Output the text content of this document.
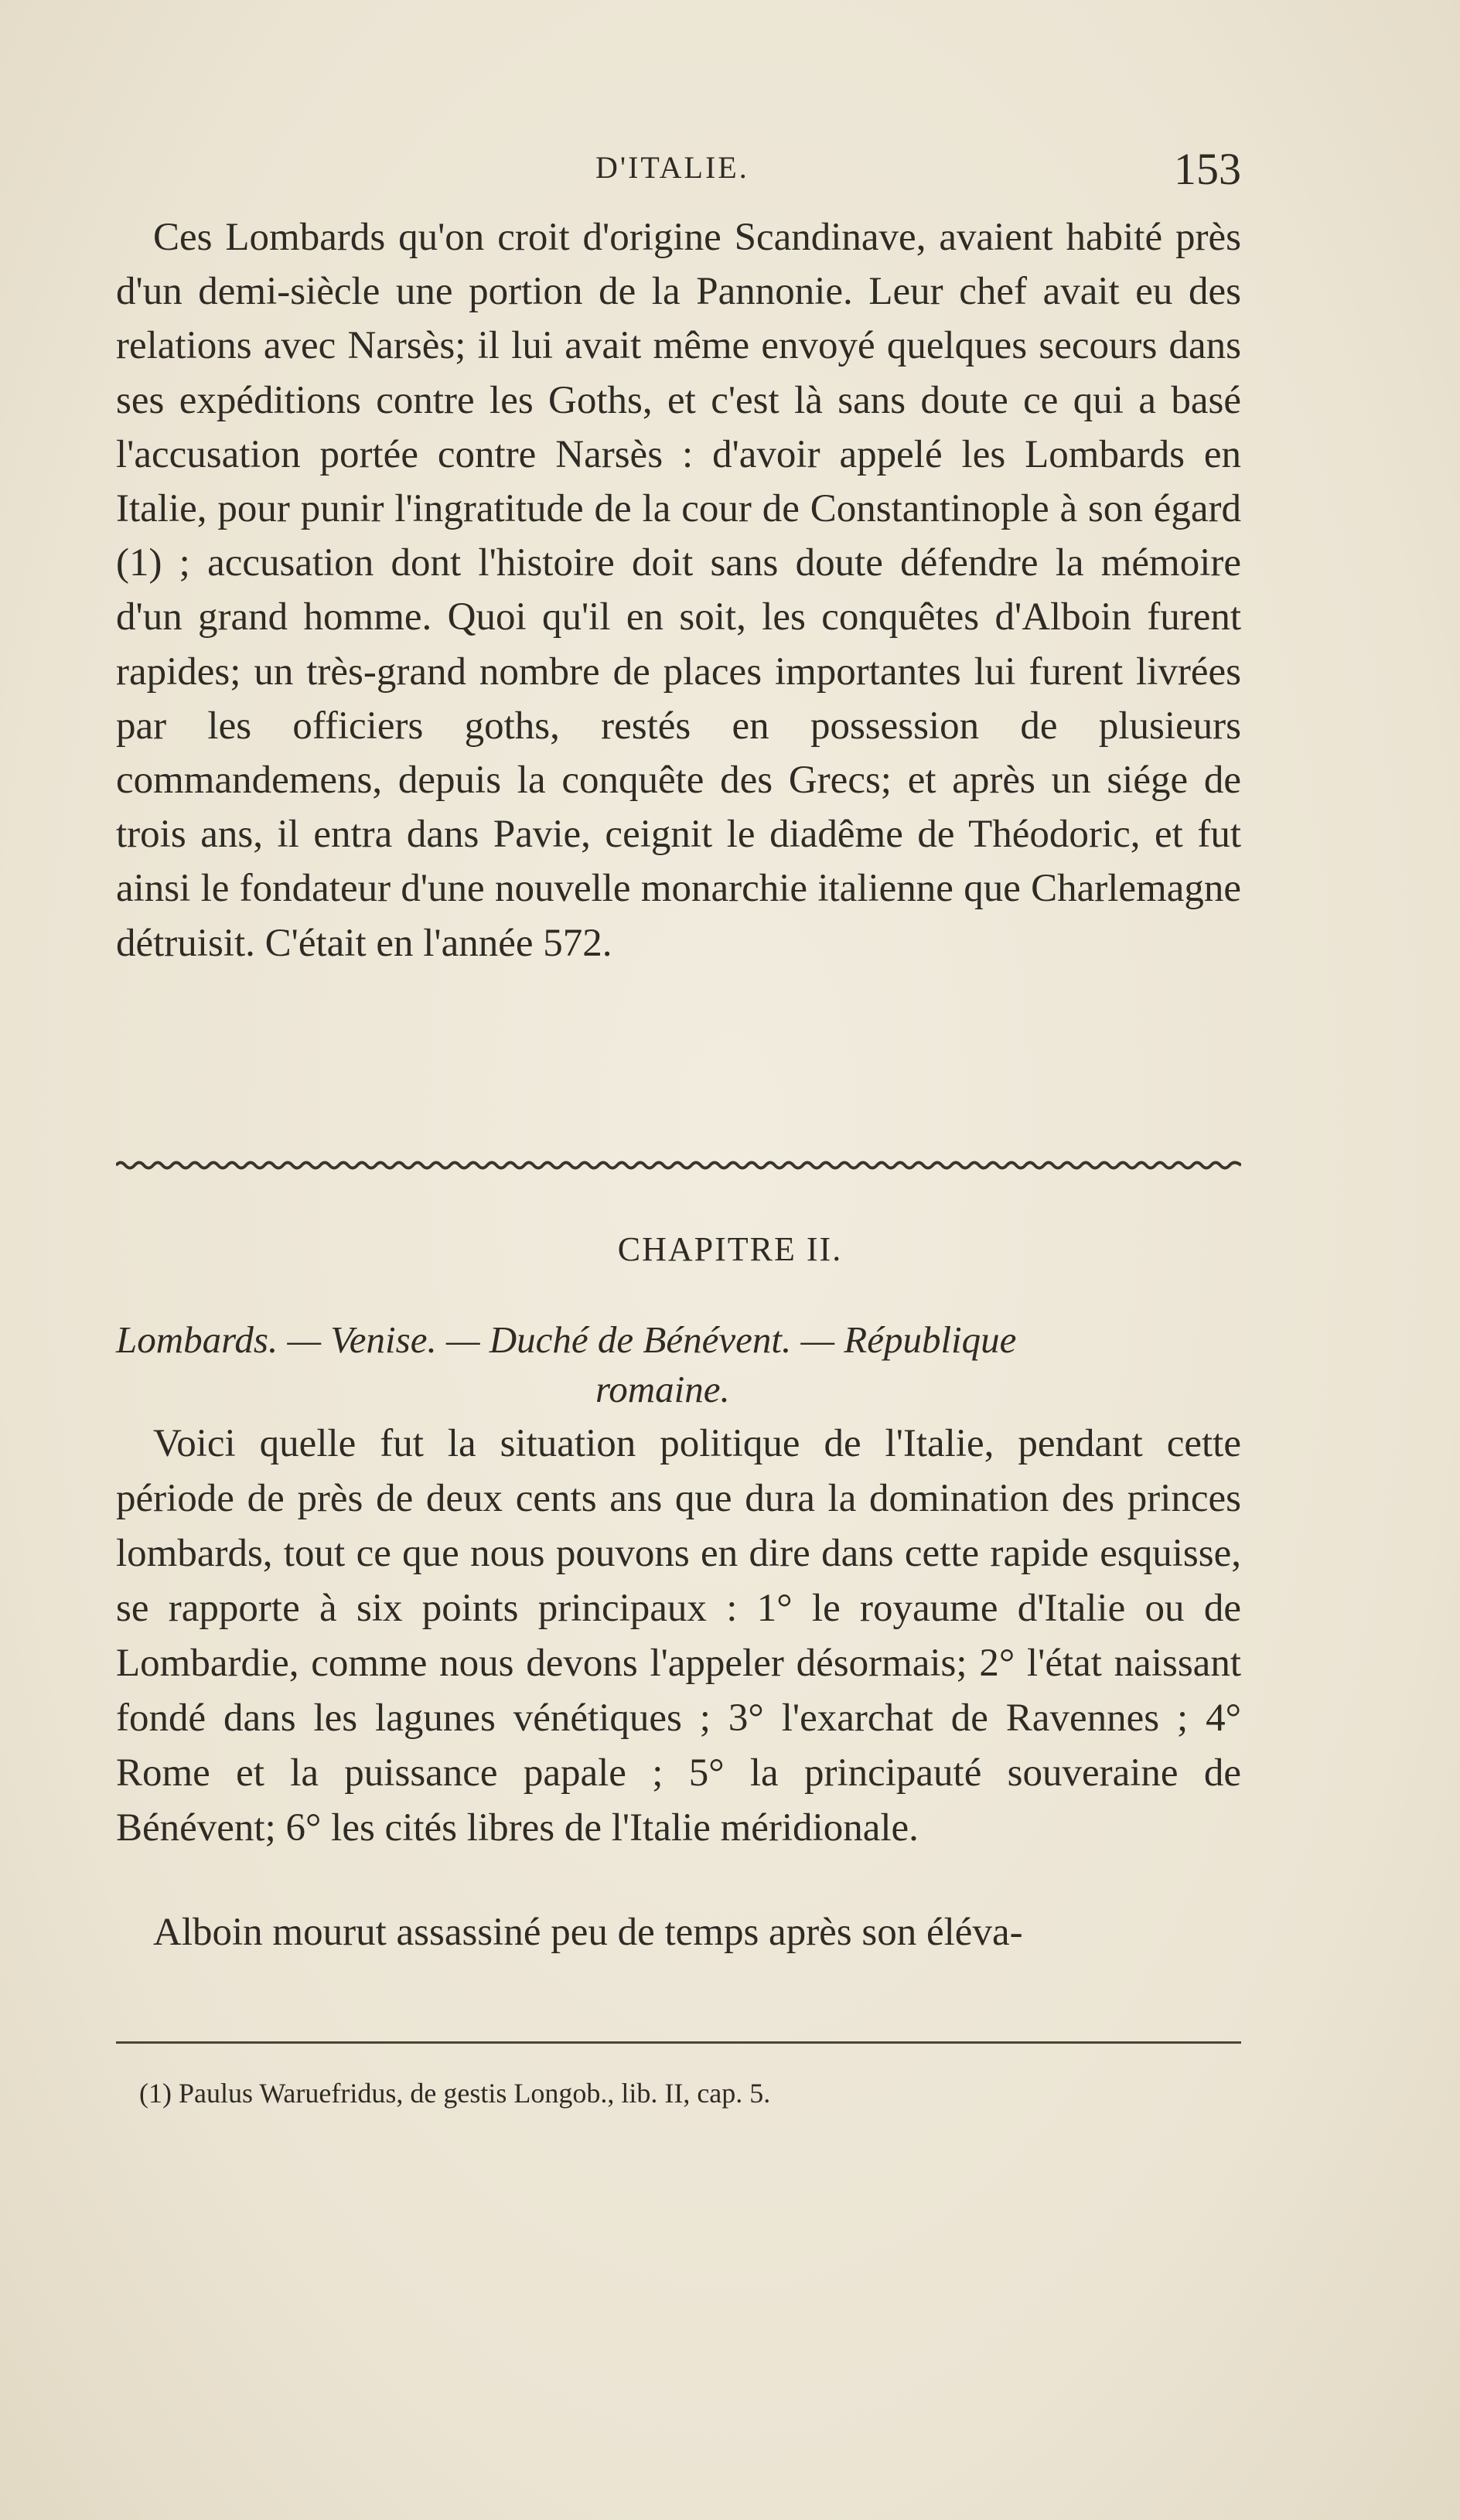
D'ITALIE.	153

Ces Lombards qu'on croit d'origine Scandinave, avaient habité près d'un demi-siècle une portion de la Pannonie. Leur chef avait eu des relations avec Narsès; il lui avait même envoyé quelques secours dans ses expéditions contre les Goths, et c'est là sans doute ce qui a basé l'accusation portée contre Narsès : d'avoir appelé les Lombards en Italie, pour punir l'ingratitude de la cour de Constantinople à son égard (1) ; accusation dont l'histoire doit sans doute défendre la mémoire d'un grand homme. Quoi qu'il en soit, les conquêtes d'Alboin furent rapides; un très-grand nombre de places importantes lui furent livrées par les officiers goths, restés en possession de plusieurs commandemens, depuis la conquête des Grecs; et après un siége de trois ans, il entra dans Pavie, ceignit le diadême de Théodoric, et fut ainsi le fondateur d'une nouvelle monarchie italienne que Charlemagne détruisit. C'était en l'année 572.

CHAPITRE II.
Lombards. — Venise. — Duché de Bénévent. — République
romaine.

Voici quelle fut la situation politique de l'Italie, pendant cette période de près de deux cents ans que dura la domination des princes lombards, tout ce que nous pouvons en dire dans cette rapide esquisse, se rapporte à six points principaux : 1° le royaume d'Italie ou de Lombardie, comme nous devons l'appeler désormais; 2° l'état naissant fondé dans les lagunes vénétiques ; 3° l'exarchat de Ravennes ; 4° Rome et la puissance papale ; 5° la principauté souveraine de Bénévent; 6° les cités libres de l'Italie méridionale.

Alboin mourut assassiné peu de temps après son éléva-

(1) Paulus Waruefridus, de gestis Longob., lib. II, cap. 5.
